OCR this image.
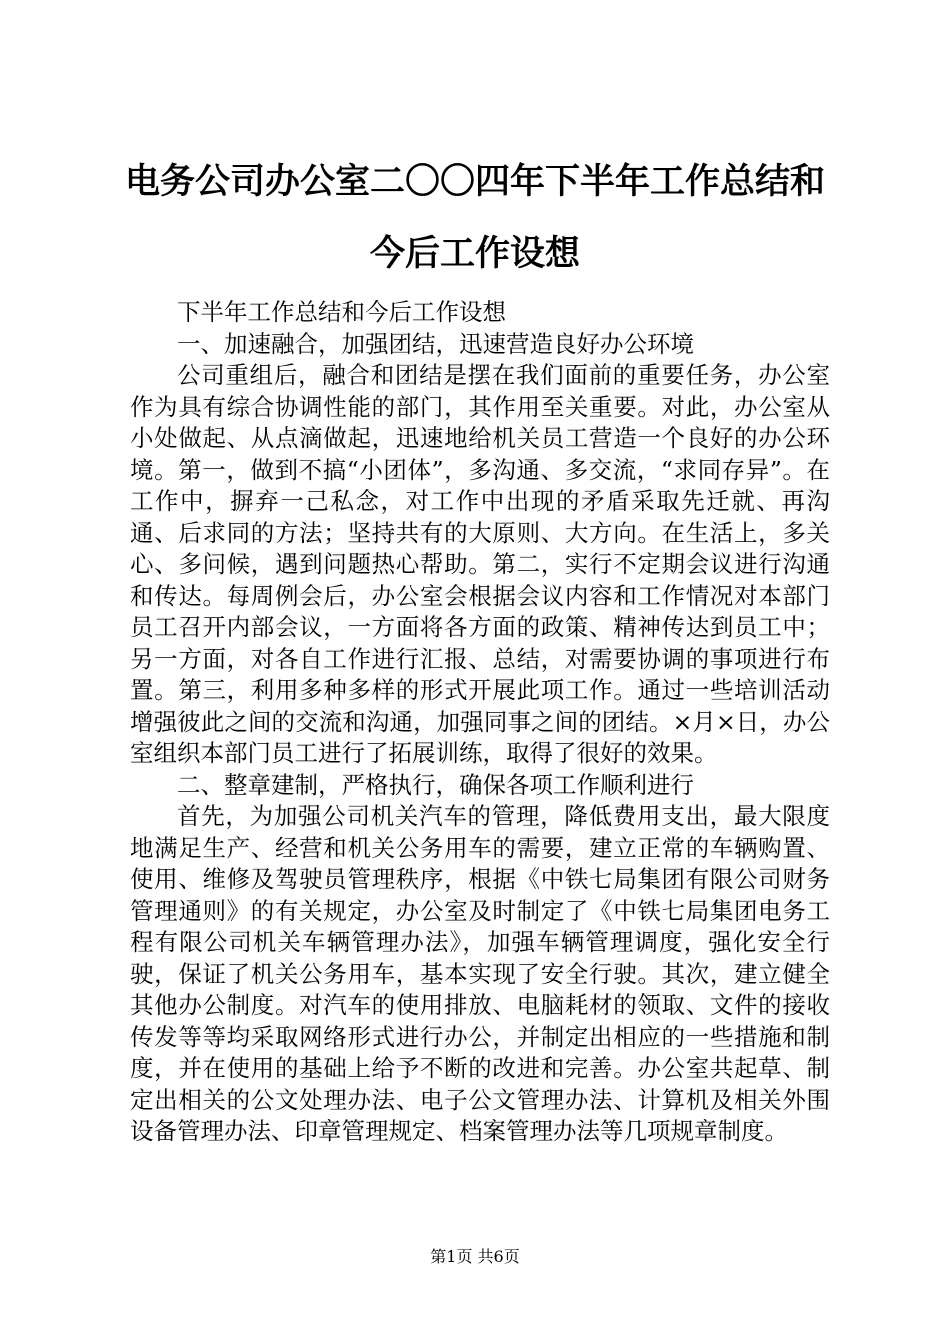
电务公司办公室二〇〇四年下半年工作总结和
今后工作设想

下半年工作总结和今后工作设想

一、加速融合，加强团结，迅速营造良好办公环境

公司重组后，融合和团结是摆在我们面前的重要任务，办公室作为具有综合协调性能的部门，其作用至关重要。对此，办公室从小处做起、从点滴做起，迅速地给机关员工营造一个良好的办公环境。第一，做到不搞“小团体”，多沟通、多交流，“求同存异”。在工作中，摒弃一己私念，对工作中出现的矛盾采取先迁就、再沟通、后求同的方法；坚持共有的大原则、大方向。在生活上，多关心、多问候，遇到问题热心帮助。第二，实行不定期会议进行沟通和传达。每周例会后，办公室会根据会议内容和工作情况对本部门员工召开内部会议，一方面将各方面的政策、精神传达到员工中；另一方面，对各自工作进行汇报、总结，对需要协调的事项进行布置。第三，利用多种多样的形式开展此项工作。通过一些培训活动增强彼此之间的交流和沟通，加强同事之间的团结。×月×日，办公室组织本部门员工进行了拓展训练，取得了很好的效果。

二、整章建制，严格执行，确保各项工作顺利进行

首先，为加强公司机关汽车的管理，降低费用支出，最大限度地满足生产、经营和机关公务用车的需要，建立正常的车辆购置、使用、维修及驾驶员管理秩序，根据《中铁七局集团有限公司财务管理通则》的有关规定，办公室及时制定了《中铁七局集团电务工程有限公司机关车辆管理办法》，加强车辆管理调度，强化安全行驶，保证了机关公务用车，基本实现了安全行驶。其次，建立健全其他办公制度。对汽车的使用排放、电脑耗材的领取、文件的接收传发等等均采取网络形式进行办公，并制定出相应的一些措施和制度，并在使用的基础上给予不断的改进和完善。办公室共起草、制定出相关的公文处理办法、电子公文管理办法、计算机及相关外围设备管理办法、印章管理规定、档案管理办法等几项规章制度。

第1页 共6页
